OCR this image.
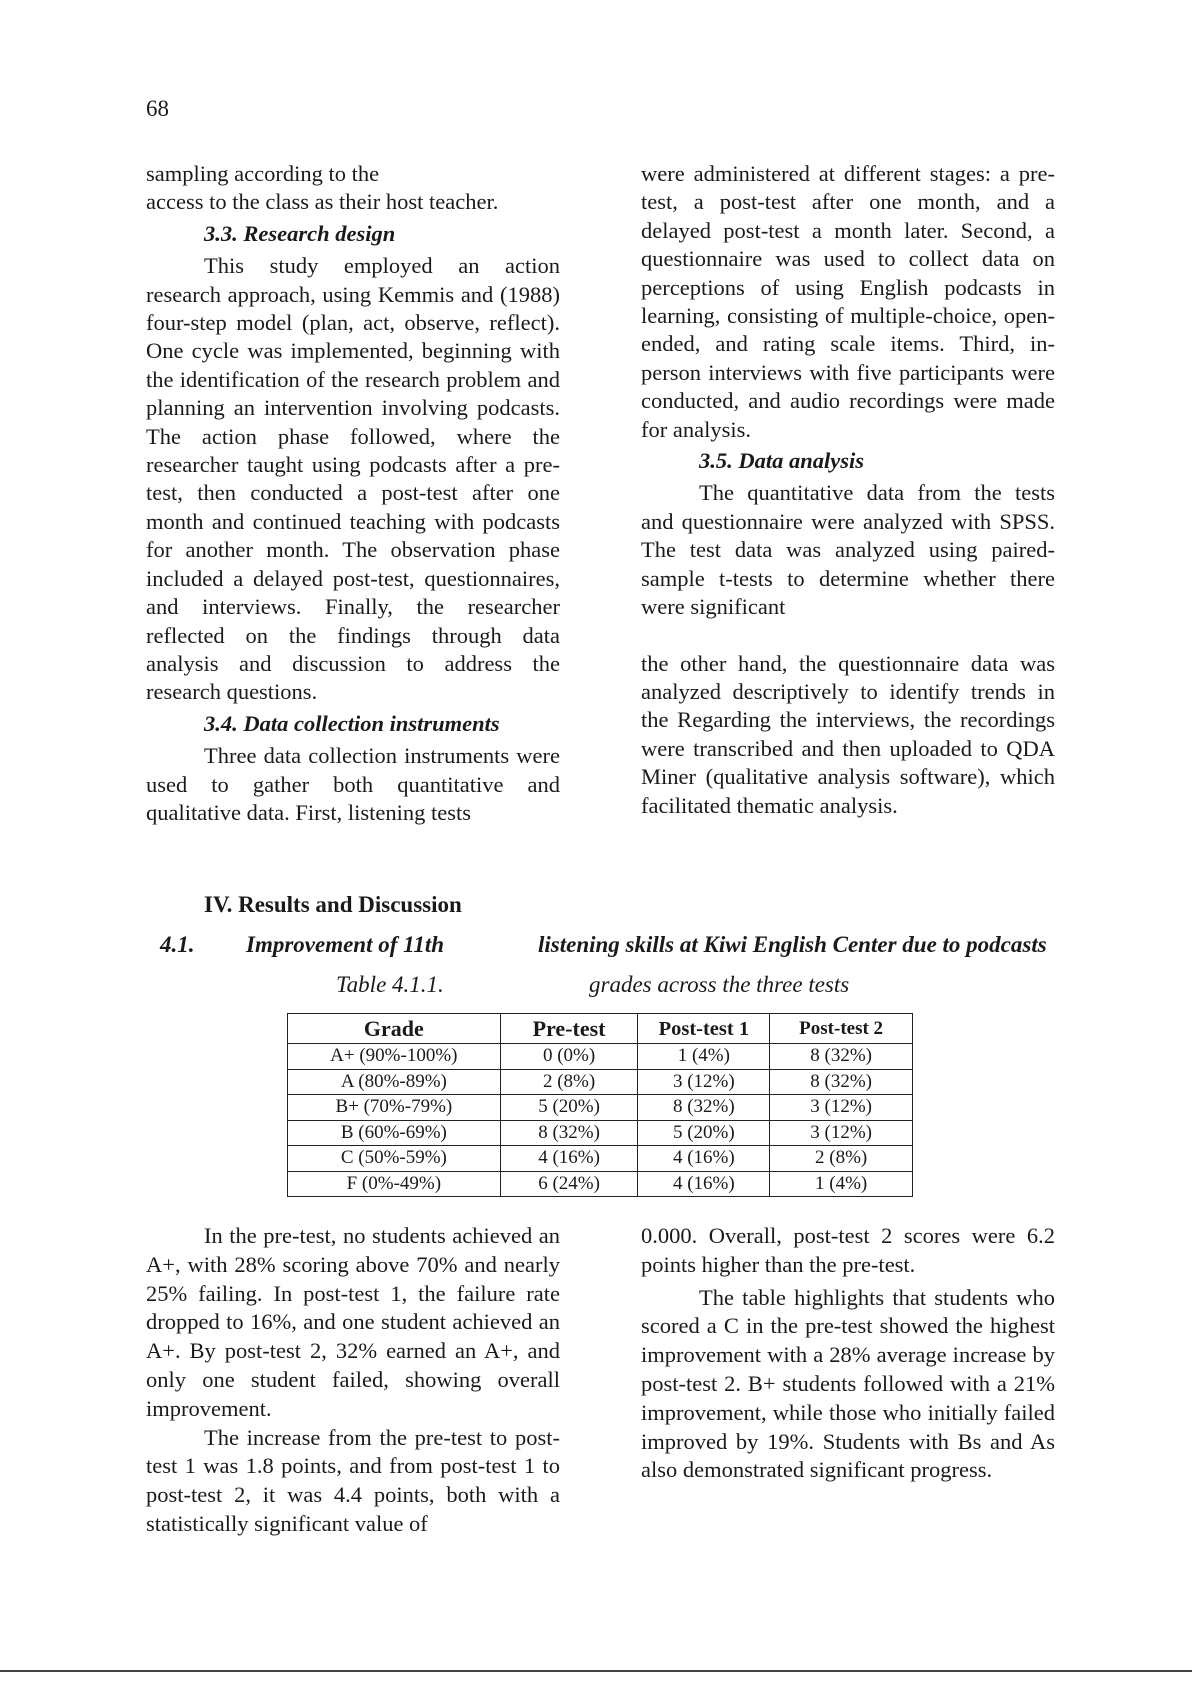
68

sampling according to the

access to the class as their host teacher.

3.3. Research design

This study employed an action research approach, using Kemmis and (1988) four-step model (plan, act, observe, reflect). One cycle was implemented, beginning with the identification of the research problem and planning an intervention involving podcasts. The action phase followed, where the researcher taught using podcasts after a pre-test, then conducted a post-test after one month and continued teaching with podcasts for another month. The observation phase included a delayed post-test, questionnaires, and interviews. Finally, the researcher reflected on the findings through data analysis and discussion to address the research questions.

3.4. Data collection instruments

Three data collection instruments were used to gather both quantitative and qualitative data. First, listening tests

were administered at different stages: a pre-test, a post-test after one month, and a delayed post-test a month later. Second, a questionnaire was used to collect data on perceptions of using English podcasts in learning, consisting of multiple-choice, open-ended, and rating scale items. Third, in-person interviews with five participants were conducted, and audio recordings were made for analysis.

3.5. Data analysis

The quantitative data from the tests and questionnaire were analyzed with SPSS. The test data was analyzed using paired-sample t-tests to determine whether there were significant

the other hand, the questionnaire data was analyzed descriptively to identify trends in the Regarding the interviews, the recordings were transcribed and then uploaded to QDA Miner (qualitative analysis software), which facilitated thematic analysis.

IV. Results and Discussion
4.1. Improvement of 11th	listening skills at Kiwi English Center due to podcasts
Table 4.1.1.	grades across the three tests
Grade	Pre-test	Post-test 1	Post-test 2
A+ (90%-100%)	0 (0%)	1 (4%)	8 (32%)
A (80%-89%)	2 (8%)	3 (12%)	8 (32%)
B+ (70%-79%)	5 (20%)	8 (32%)	3 (12%)
B (60%-69%)	8 (32%)	5 (20%)	3 (12%)
C (50%-59%)	4 (16%)	4 (16%)	2 (8%)
F (0%-49%)	6 (24%)	4 (16%)	1 (4%)

In the pre-test, no students achieved an A+, with 28% scoring above 70% and nearly 25% failing. In post-test 1, the failure rate dropped to 16%, and one student achieved an A+. By post-test 2, 32% earned an A+, and only one student failed, showing overall improvement.

The increase from the pre-test to post-test 1 was 1.8 points, and from post-test 1 to post-test 2, it was 4.4 points, both with a statistically significant value of

0.000. Overall, post-test 2 scores were 6.2 points higher than the pre-test.

The table highlights that students who scored a C in the pre-test showed the highest improvement with a 28% average increase by post-test 2. B+ students followed with a 21% improvement, while those who initially failed improved by 19%. Students with Bs and As also demonstrated significant progress.
